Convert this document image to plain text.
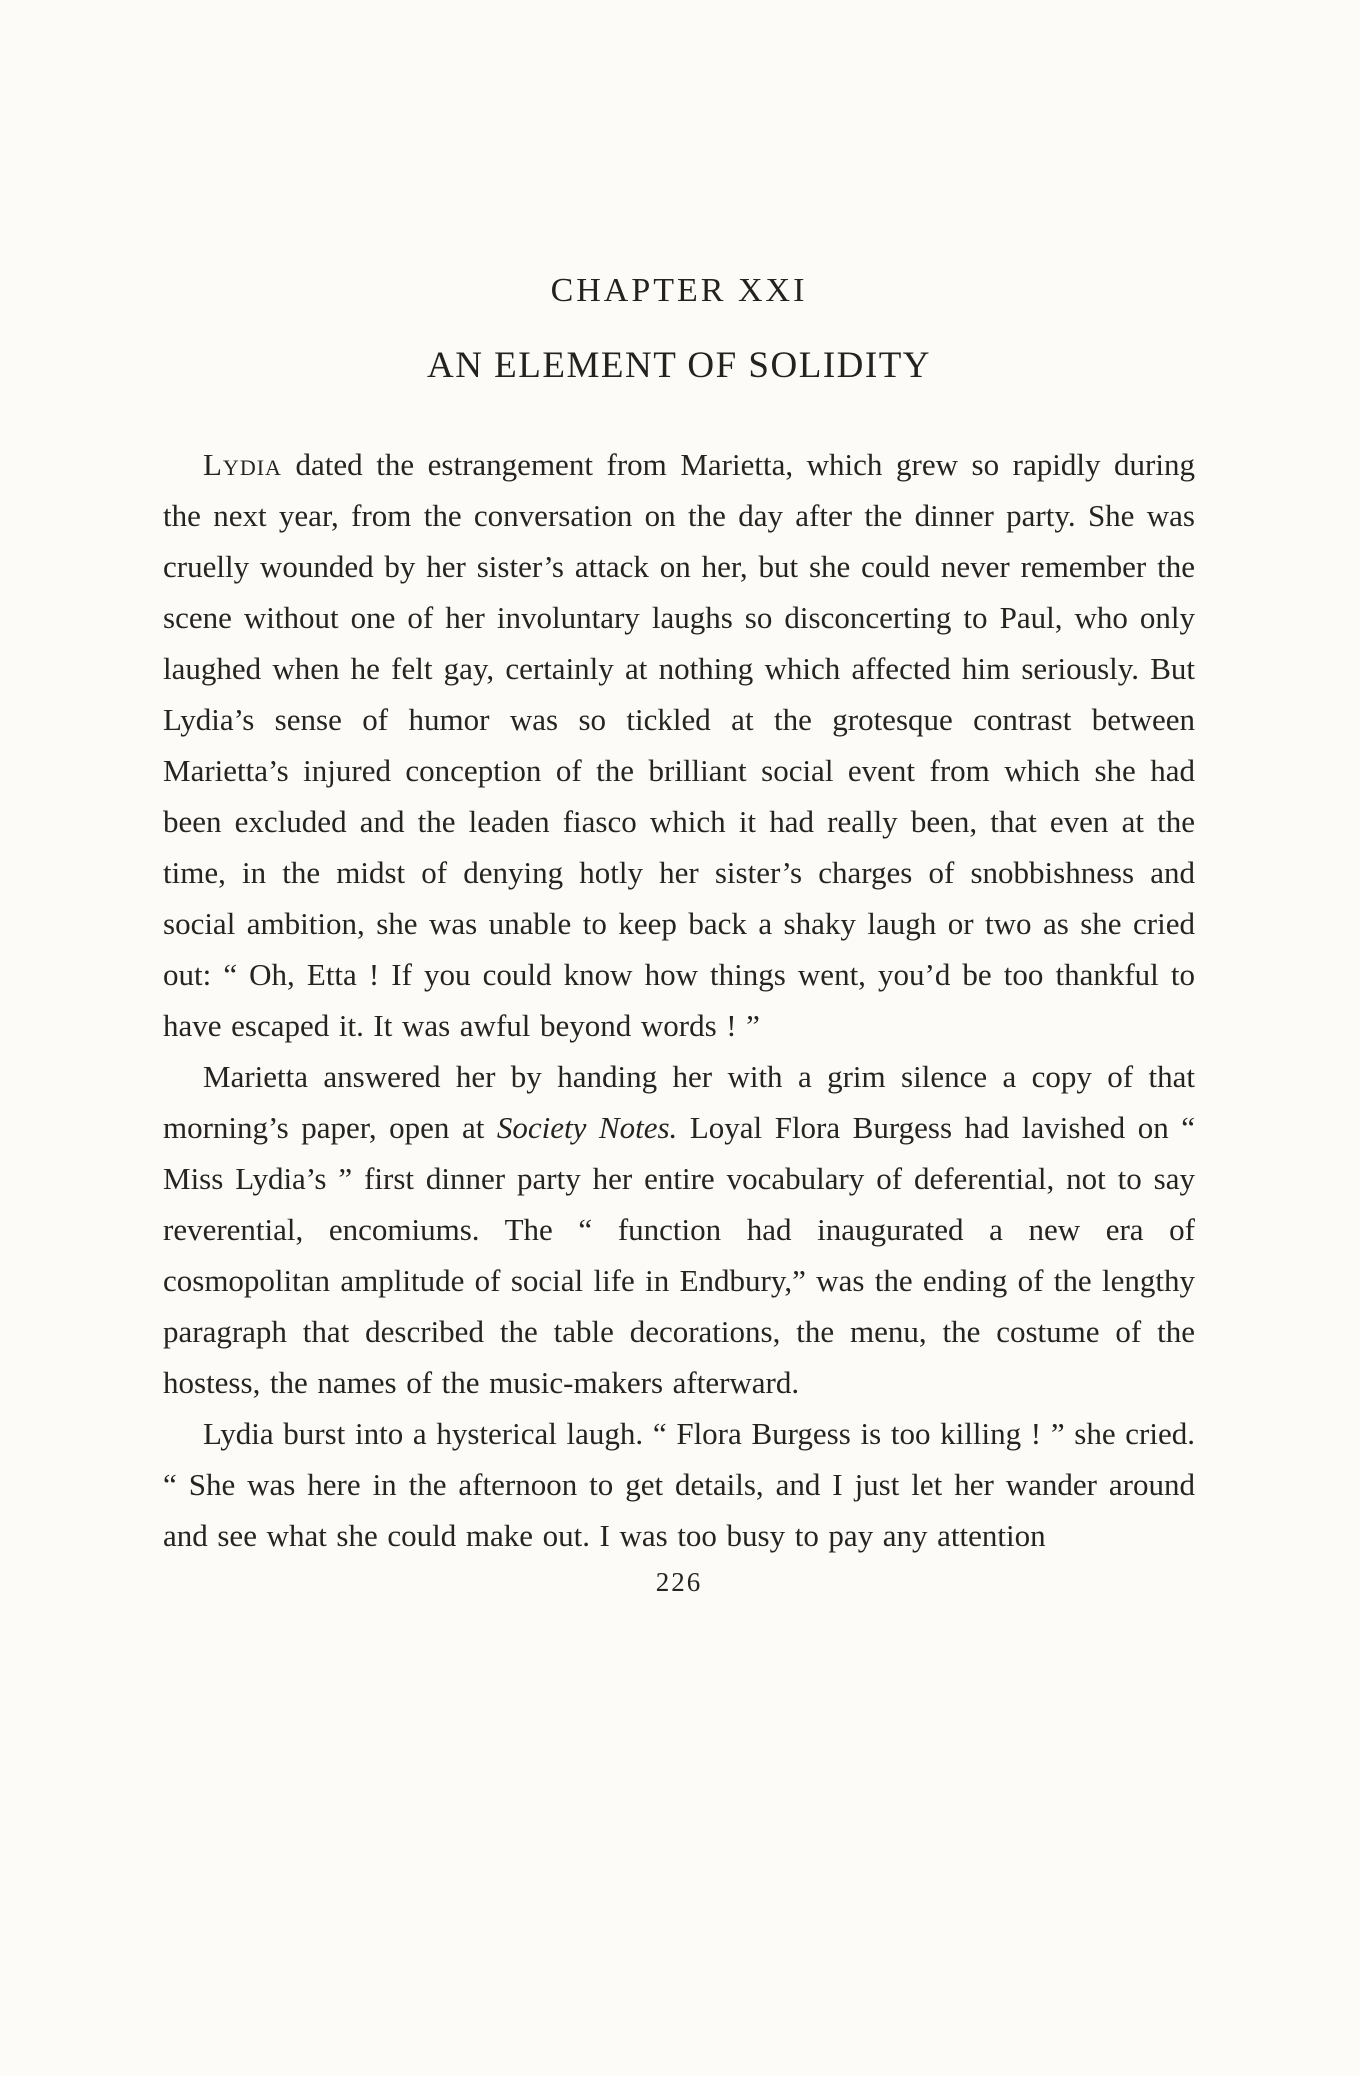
CHAPTER XXI
AN ELEMENT OF SOLIDITY

Lydia dated the estrangement from Marietta, which grew so rapidly during the next year, from the conversation on the day after the dinner party. She was cruelly wounded by her sister’s attack on her, but she could never remember the scene without one of her involuntary laughs so disconcerting to Paul, who only laughed when he felt gay, certainly at nothing which affected him seriously. But Lydia’s sense of humor was so tickled at the grotesque contrast between Marietta’s injured conception of the brilliant social event from which she had been excluded and the leaden fiasco which it had really been, that even at the time, in the midst of denying hotly her sister’s charges of snobbishness and social ambition, she was unable to keep back a shaky laugh or two as she cried out: “ Oh, Etta ! If you could know how things went, you’d be too thankful to have escaped it. It was awful beyond words ! ”

Marietta answered her by handing her with a grim silence a copy of that morning’s paper, open at Society Notes. Loyal Flora Burgess had lavished on “ Miss Lydia’s ” first dinner party her entire vocabulary of deferential, not to say reverential, encomiums. The “ function had inaugurated a new era of cosmopolitan amplitude of social life in Endbury,” was the ending of the lengthy paragraph that described the table decorations, the menu, the costume of the hostess, the names of the music-makers afterward.

Lydia burst into a hysterical laugh. “ Flora Burgess is too killing ! ” she cried. “ She was here in the afternoon to get details, and I just let her wander around and see what she could make out. I was too busy to pay any attention

226
